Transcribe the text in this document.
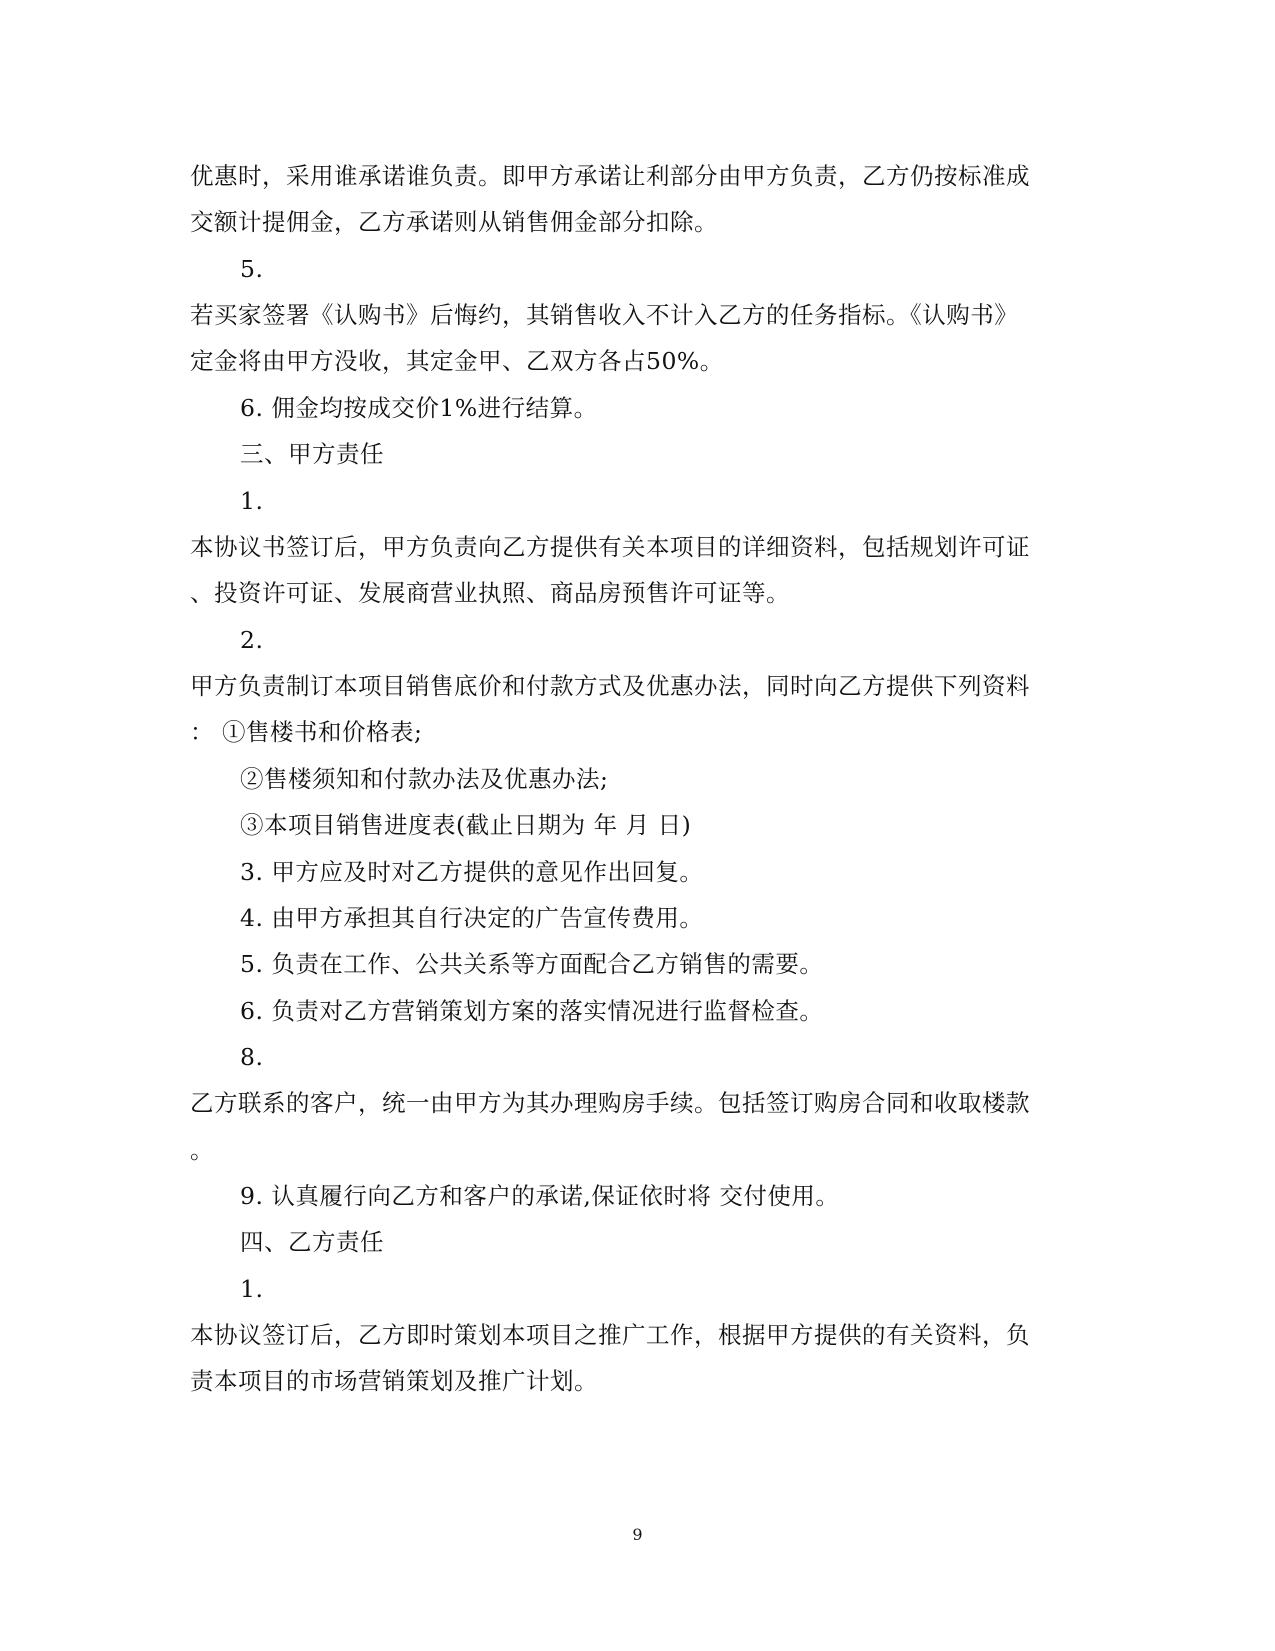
优惠时，采用谁承诺谁负责。即甲方承诺让利部分由甲方负责，乙方仍按标准成
交额计提佣金，乙方承诺则从销售佣金部分扣除。
5.
若买家签署《认购书》后悔约，其销售收入不计入乙方的任务指标。《认购书》
定金将由甲方没收，其定金甲、乙双方各占50%。
6. 佣金均按成交价1%进行结算。
三、甲方责任
1.
本协议书签订后，甲方负责向乙方提供有关本项目的详细资料，包括规划许可证
、投资许可证、发展商营业执照、商品房预售许可证等。
2.
甲方负责制订本项目销售底价和付款方式及优惠办法，同时向乙方提供下列资料
： ①售楼书和价格表;
②售楼须知和付款办法及优惠办法;
③本项目销售进度表(截止日期为 年 月 日)
3. 甲方应及时对乙方提供的意见作出回复。
4. 由甲方承担其自行决定的广告宣传费用。
5. 负责在工作、公共关系等方面配合乙方销售的需要。
6. 负责对乙方营销策划方案的落实情况进行监督检查。
8.
乙方联系的客户，统一由甲方为其办理购房手续。包括签订购房合同和收取楼款
。
9. 认真履行向乙方和客户的承诺,保证依时将 交付使用。
四、乙方责任
1.
本协议签订后，乙方即时策划本项目之推广工作，根据甲方提供的有关资料，负
责本项目的市场营销策划及推广计划。
9
